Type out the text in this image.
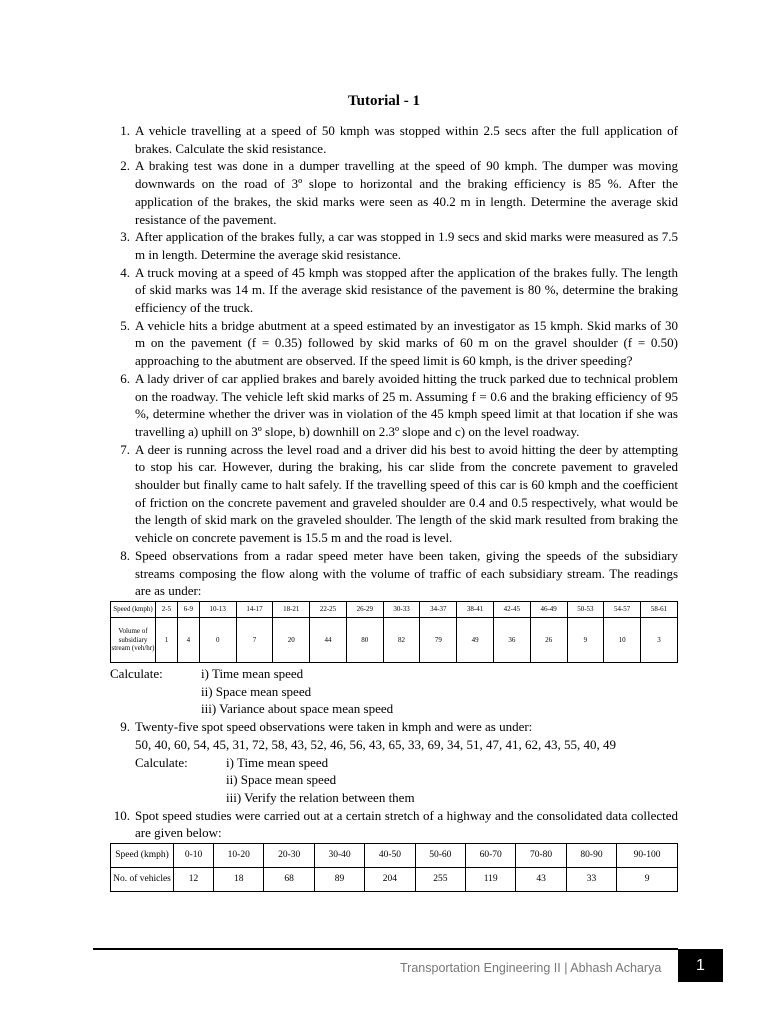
Tutorial - 1
1. A vehicle travelling at a speed of 50 kmph was stopped within 2.5 secs after the full application of brakes. Calculate the skid resistance.
2. A braking test was done in a dumper travelling at the speed of 90 kmph. The dumper was moving downwards on the road of 3º slope to horizontal and the braking efficiency is 85 %. After the application of the brakes, the skid marks were seen as 40.2 m in length. Determine the average skid resistance of the pavement.
3. After application of the brakes fully, a car was stopped in 1.9 secs and skid marks were measured as 7.5 m in length. Determine the average skid resistance.
4. A truck moving at a speed of 45 kmph was stopped after the application of the brakes fully. The length of skid marks was 14 m. If the average skid resistance of the pavement is 80 %, determine the braking efficiency of the truck.
5. A vehicle hits a bridge abutment at a speed estimated by an investigator as 15 kmph. Skid marks of 30 m on the pavement (f = 0.35) followed by skid marks of 60 m on the gravel shoulder (f = 0.50) approaching to the abutment are observed. If the speed limit is 60 kmph, is the driver speeding?
6. A lady driver of car applied brakes and barely avoided hitting the truck parked due to technical problem on the roadway. The vehicle left skid marks of 25 m. Assuming f = 0.6 and the braking efficiency of 95 %, determine whether the driver was in violation of the 45 kmph speed limit at that location if she was travelling a) uphill on 3º slope, b) downhill on 2.3º slope and c) on the level roadway.
7. A deer is running across the level road and a driver did his best to avoid hitting the deer by attempting to stop his car. However, during the braking, his car slide from the concrete pavement to graveled shoulder but finally came to halt safely. If the travelling speed of this car is 60 kmph and the coefficient of friction on the concrete pavement and graveled shoulder are 0.4 and 0.5 respectively, what would be the length of skid mark on the graveled shoulder. The length of the skid mark resulted from braking the vehicle on concrete pavement is 15.5 m and the road is level.
8. Speed observations from a radar speed meter have been taken, giving the speeds of the subsidiary streams composing the flow along with the volume of traffic of each subsidiary stream. The readings are as under:
Speed (kmph)	2-5	6-9	10-13	14-17	18-21	22-25	26-29	30-33	34-37	38-41	42-45	46-49	50-53	54-57	58-61
Volume of subsidiary stream (veh/hr)	1	4	0	7	20	44	80	82	79	49	36	26	9	10	3
Calculate:	i) Time mean speed
ii) Space mean speed
iii) Variance about space mean speed
9. Twenty-five spot speed observations were taken in kmph and were as under:
50, 40, 60, 54, 45, 31, 72, 58, 43, 52, 46, 56, 43, 65, 33, 69, 34, 51, 47, 41, 62, 43, 55, 40, 49
Calculate:	i) Time mean speed
ii) Space mean speed
iii) Verify the relation between them
10. Spot speed studies were carried out at a certain stretch of a highway and the consolidated data collected are given below:
Speed (kmph)	0-10	10-20	20-30	30-40	40-50	50-60	60-70	70-80	80-90	90-100
No. of vehicles	12	18	68	89	204	255	119	43	33	9
Transportation Engineering II | Abhash Acharya	1
